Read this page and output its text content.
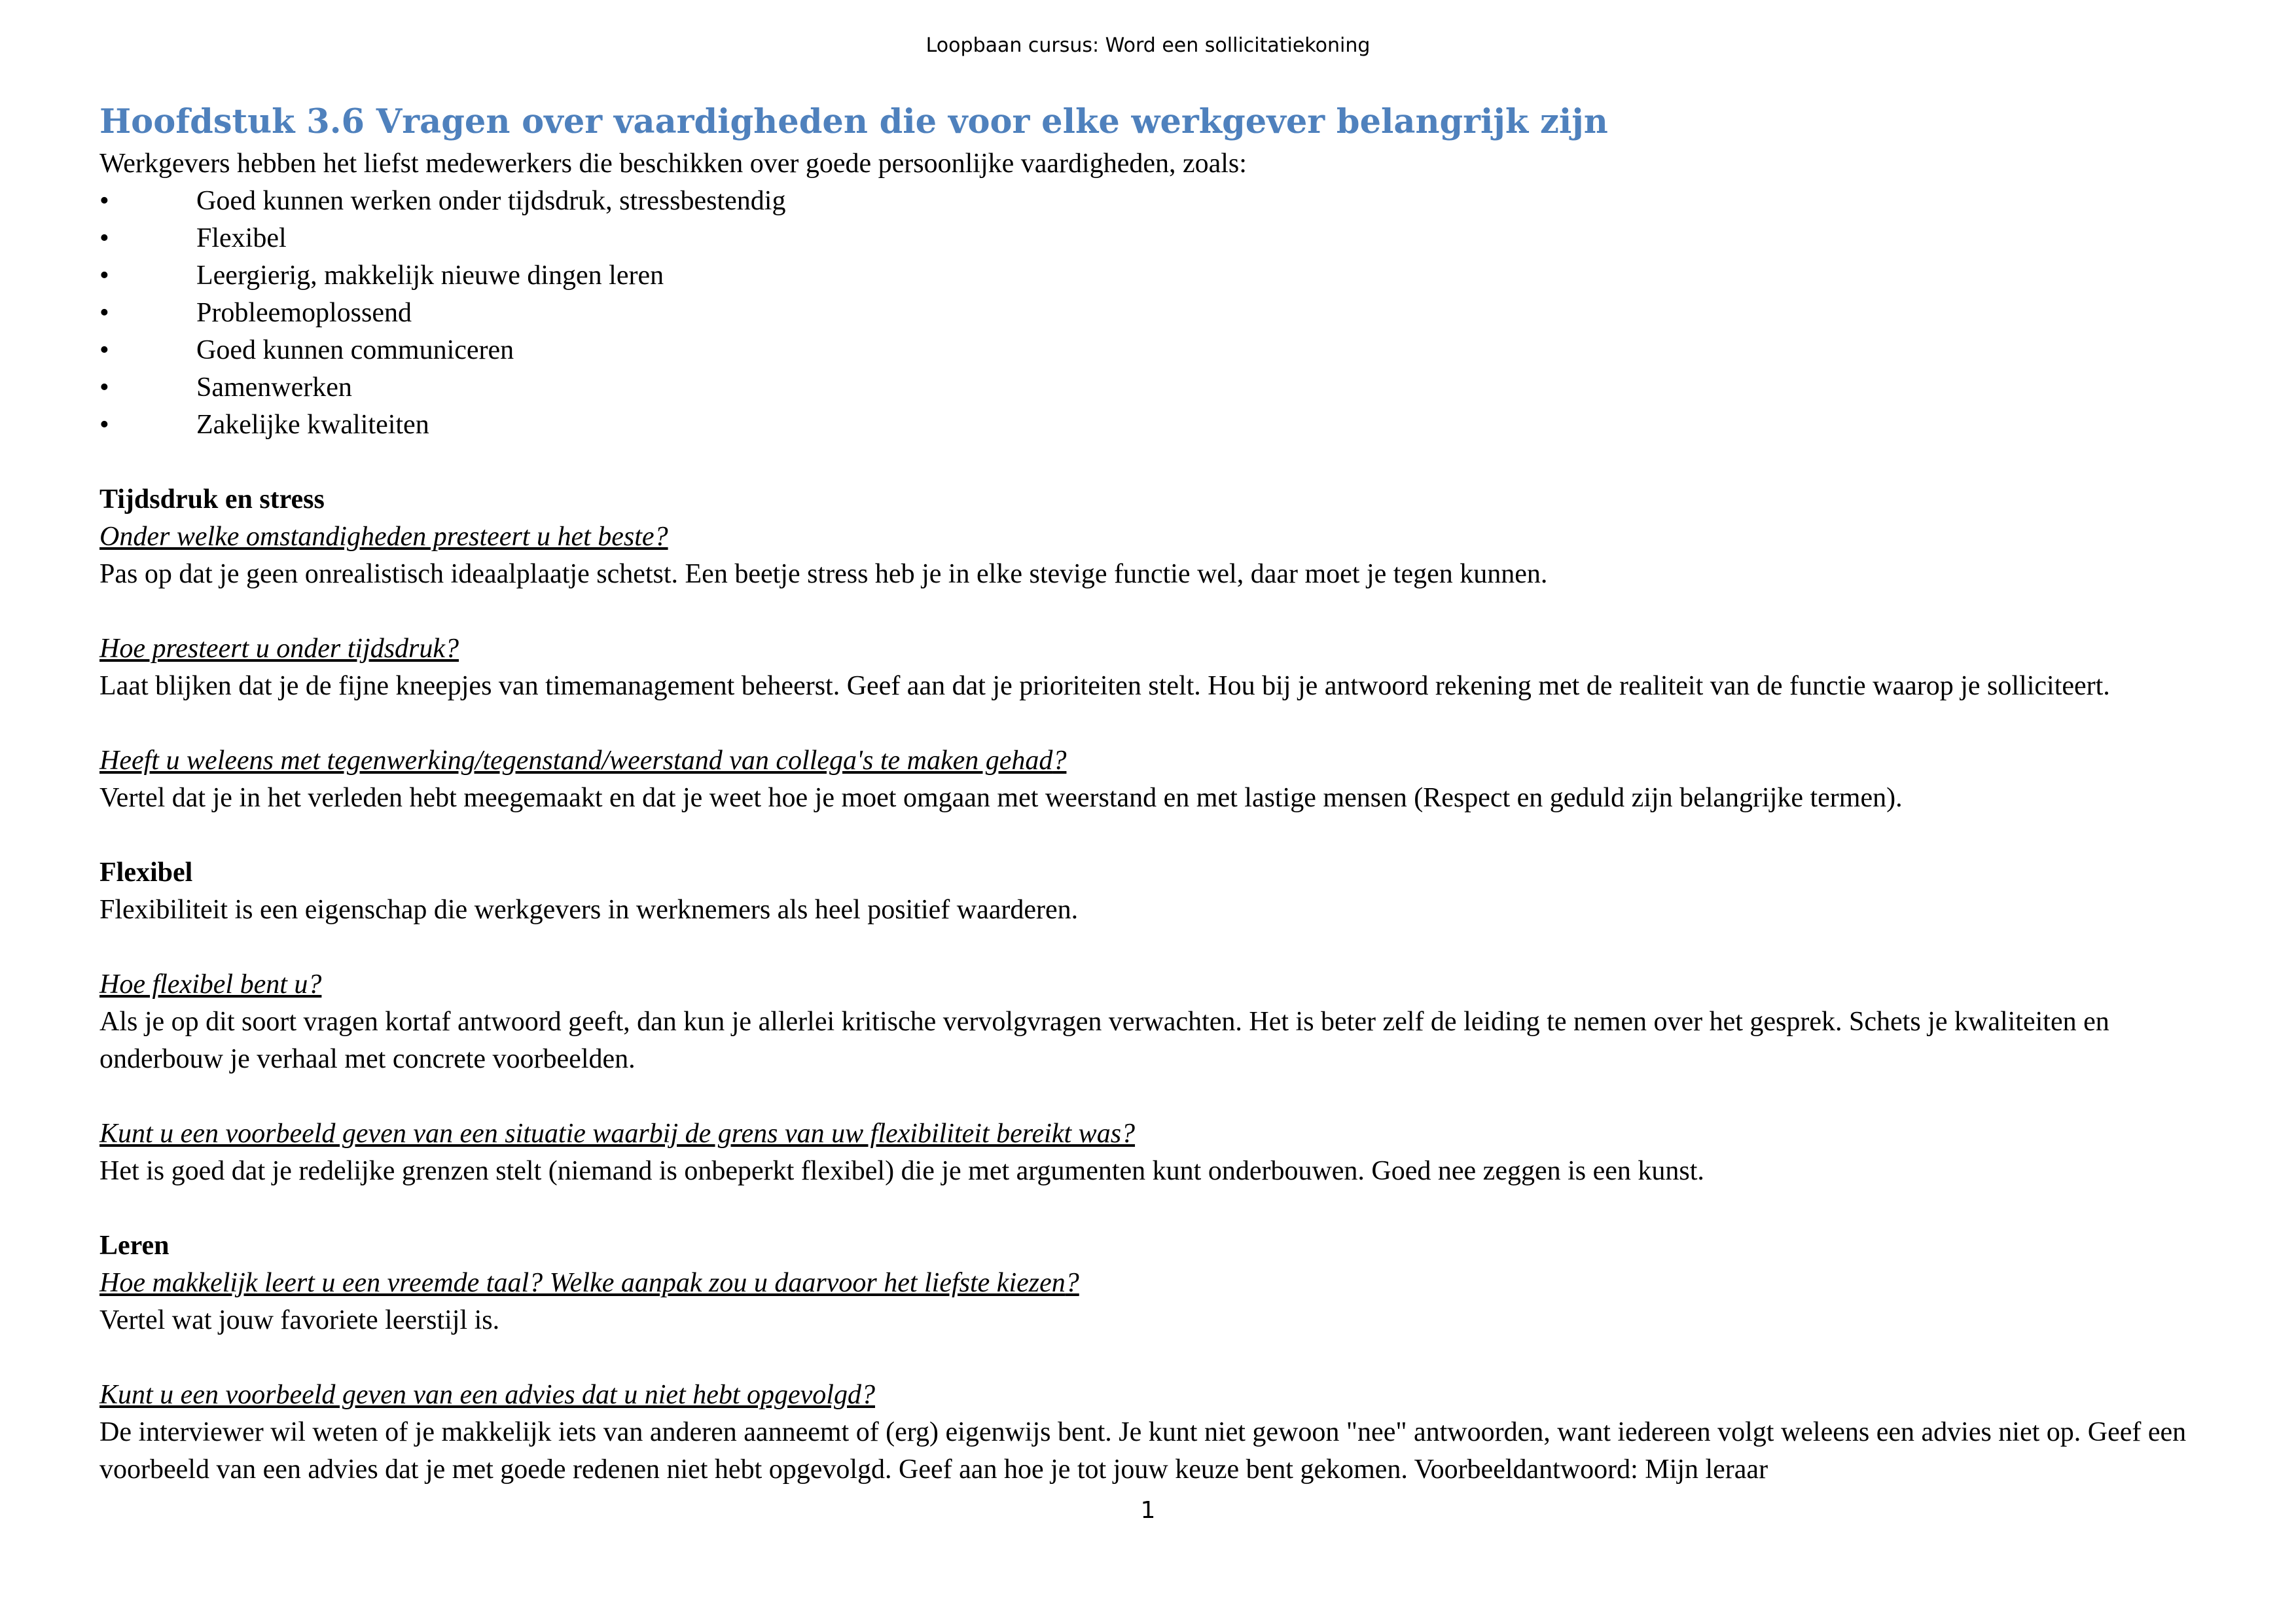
Loopbaan cursus: Word een sollicitatiekoning
Hoofdstuk 3.6 Vragen over vaardigheden die voor elke werkgever belangrijk zijn

Werkgevers hebben het liefst medewerkers die beschikken over goede persoonlijke vaardigheden, zoals:

•	Goed kunnen werken onder tijdsdruk, stressbestendig
•	Flexibel
•	Leergierig, makkelijk nieuwe dingen leren
•	Probleemoplossend
•	Goed kunnen communiceren
•	Samenwerken
•	Zakelijke kwaliteiten
Tijdsdruk en stress

Onder welke omstandigheden presteert u het beste?

Pas op dat je geen onrealistisch ideaalplaatje schetst. Een beetje stress heb je in elke stevige functie wel, daar moet je tegen kunnen.

Hoe presteert u onder tijdsdruk?

Laat blijken dat je de fijne kneepjes van timemanagement beheerst. Geef aan dat je prioriteiten stelt. Hou bij je antwoord rekening met de realiteit van de functie waarop je solliciteert.

Heeft u weleens met tegenwerking/tegenstand/weerstand van collega's te maken gehad?

Vertel dat je in het verleden hebt meegemaakt en dat je weet hoe je moet omgaan met weerstand en met lastige mensen (Respect en geduld zijn belangrijke termen).

Flexibel

Flexibiliteit is een eigenschap die werkgevers in werknemers als heel positief waarderen.

Hoe flexibel bent u?

Als je op dit soort vragen kortaf antwoord geeft, dan kun je allerlei kritische vervolgvragen verwachten. Het is beter zelf de leiding te nemen over het gesprek. Schets je kwaliteiten en onderbouw je verhaal met concrete voorbeelden.

Kunt u een voorbeeld geven van een situatie waarbij de grens van uw flexibiliteit bereikt was?

Het is goed dat je redelijke grenzen stelt (niemand is onbeperkt flexibel) die je met argumenten kunt onderbouwen. Goed nee zeggen is een kunst.

Leren

Hoe makkelijk leert u een vreemde taal? Welke aanpak zou u daarvoor het liefste kiezen?

Vertel wat jouw favoriete leerstijl is.

Kunt u een voorbeeld geven van een advies dat u niet hebt opgevolgd?

De interviewer wil weten of je makkelijk iets van anderen aanneemt of (erg) eigenwijs bent. Je kunt niet gewoon "nee" antwoorden, want iedereen volgt weleens een advies niet op. Geef een voorbeeld van een advies dat je met goede redenen niet hebt opgevolgd. Geef aan hoe je tot jouw keuze bent gekomen. Voorbeeldantwoord: Mijn leraar

1
